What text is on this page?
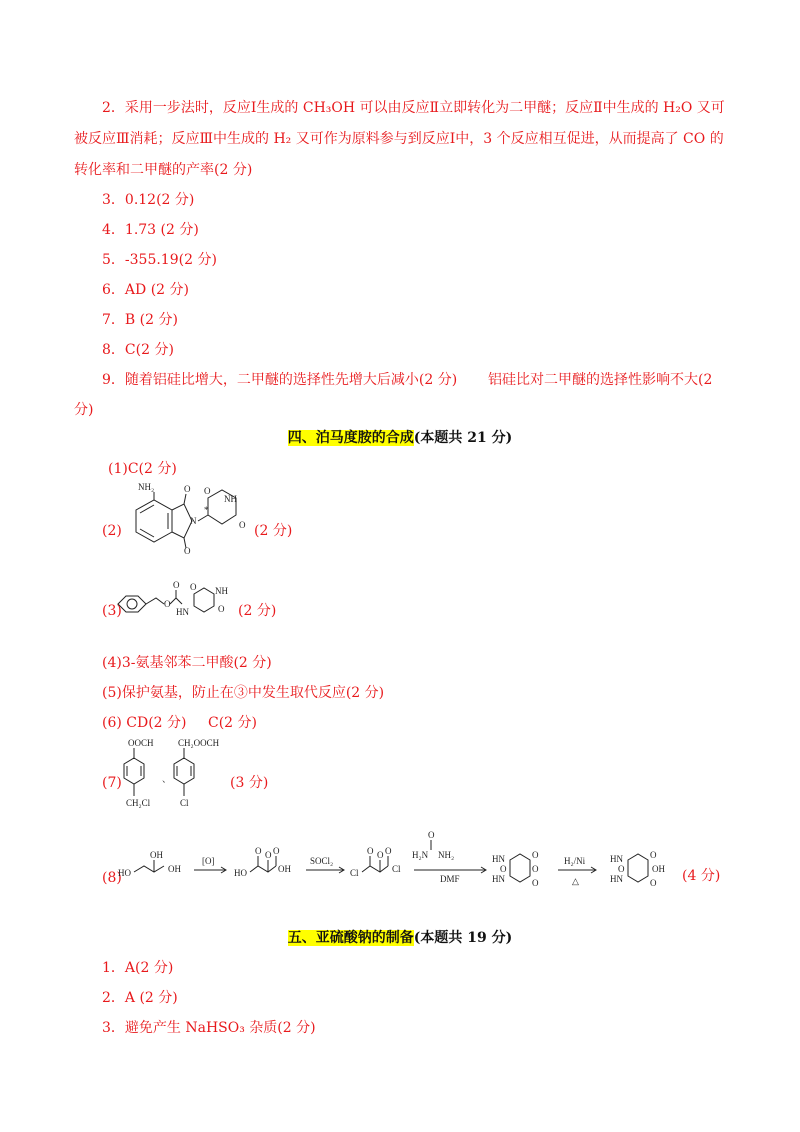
2．采用一步法时，反应Ⅰ生成的 CH₃OH 可以由反应Ⅱ立即转化为二甲醚；反应Ⅱ中生成的 H₂O 又可
被反应Ⅲ消耗；反应Ⅲ中生成的 H₂ 又可作为原料参与到反应Ⅰ中，3 个反应相互促进，从而提高了 CO 的
转化率和二甲醚的产率(2 分)
3．0.12(2 分)
4．1.73 (2 分)
5．-355.19(2 分)
6．AD (2 分)
7．B (2 分)
8．C(2 分)
9．随着铝硅比增大，二甲醚的选择性先增大后减小(2 分) 铝硅比对二甲醚的选择性影响不大(2
分)
四、泊马度胺的合成(本题共 21 分)
(1)C(2 分)
(2)
NH₂	O
O
N
*
O
NH
O (2 分)
(3)	O
O
HN
O NH
O (2 分)
(4)3-氨基邻苯二甲酸(2 分)
(5)保护氨基，防止在③中发生取代反应(2 分)
(6) CD(2 分) C(2 分)
(7)
OOCH
CH₂Cl
、
CH₂OOCH
Cl
(3 分)
(8)
HO
OH
OH
[O]
HO
O O O
OH
SOCl₂
Cl
O O O
Cl
O
H₂N NH₂
DMF
HN
HN
O
O
O
O
H₂/Ni
△
HN
HN
O
O
O	OH (4 分)
五、亚硫酸钠的制备(本题共 19 分)
1．A(2 分)
2．A (2 分)
3．避免产生 NaHSO₃ 杂质(2 分)
